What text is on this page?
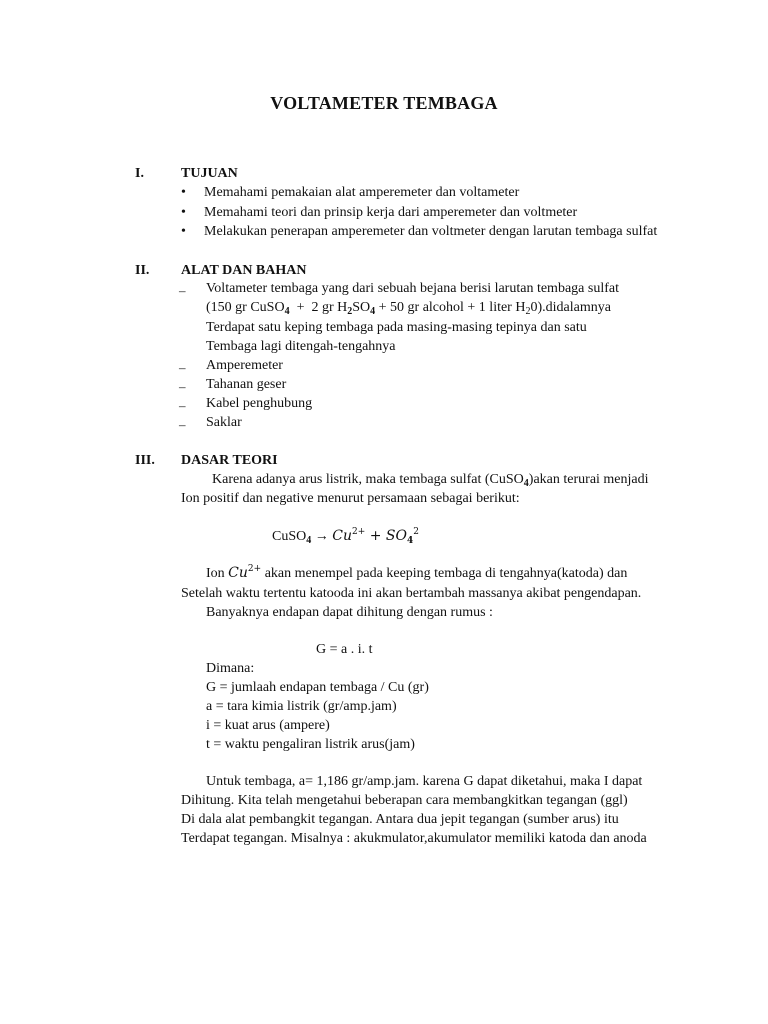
VOLTAMETER TEMBAGA
I.	TUJUAN
• Memahami pemakaian alat amperemeter dan voltameter
• Memahami teori dan prinsip kerja dari amperemeter dan voltmeter
• Melakukan penerapan amperemeter dan voltmeter dengan larutan tembaga sulfat
II. ALAT DAN BAHAN
– Voltameter tembaga yang dari sebuah bejana berisi larutan tembaga sulfat
(150 gr CuSO$_4$  +  2 gr $H_2SO_4 + 50$ gr alcohol + 1 liter $H_20).didalamnya$
Terdapat satu keping tembaga pada masing-masing tepinya dan satu
Tembaga lagi ditengah-tengahnya
– Amperemeter
– Tahanan geser
– Kabel penghubung
– Saklar
III. DASAR TEORI
Karena adanya arus listrik, maka tembaga sulfat (CuSO$_4$)akan terurai menjadi
Ion positif dan negative menurut persamaan sebagai berikut:
CuSO$_4$ → $Cu^{2+} + SO_4^2$
Ion $Cu^{2+}$ akan menempel pada keeping tembaga di tengahnya(katoda) dan
Setelah waktu tertentu katooda ini akan bertambah massanya akibat pengendapan.
Banyaknya endapan dapat dihitung dengan rumus :
G = a . i. t
Dimana:
G = jumlaah endapan tembaga / Cu (gr)
a = tara kimia listrik (gr/amp.jam)
i = kuat arus (ampere)
t = waktu pengaliran listrik arus(jam)
Untuk tembaga, a= 1,186 gr/amp.jam. karena G dapat diketahui, maka I dapat
Dihitung. Kita telah mengetahui beberapan cara membangkitkan tegangan (ggl)
Di dala alat pembangkit tegangan. Antara dua jepit tegangan (sumber arus) itu
Terdapat tegangan. Misalnya : akukmulator,akumulator memiliki katoda dan anoda
